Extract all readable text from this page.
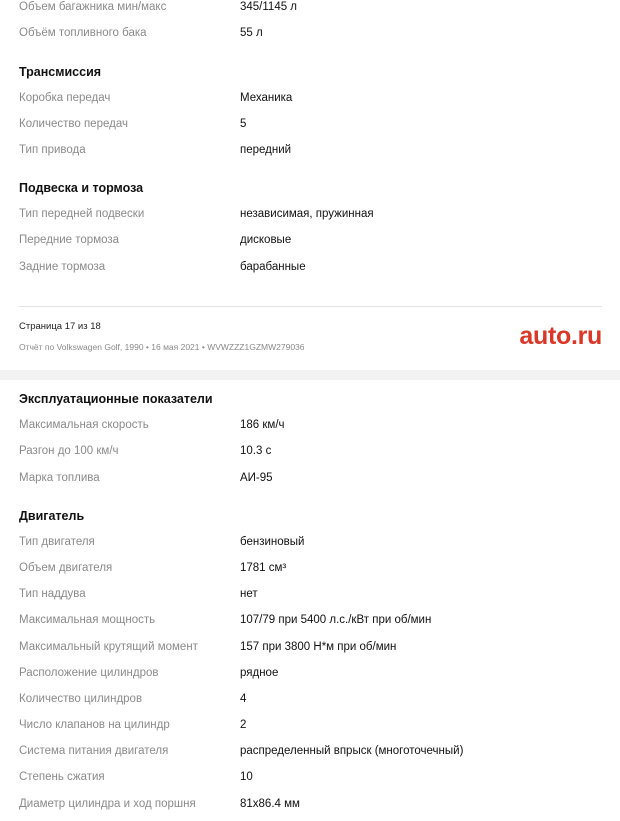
Объем багажника мин/макс	345/1145 л
Объём топливного бака	55 л
Трансмиссия
Коробка передач	Механика
Количество передач	5
Тип привода	передний
Подвеска и тормоза
Тип передней подвески	независимая, пружинная
Передние тормоза	дисковые
Задние тормоза	барабанные
Страница 17 из 18
Отчёт по Volkswagen Golf, 1990 • 16 мая 2021 • WVWZZZ1GZMW279036	auto.ru
Эксплуатационные показатели
Максимальная скорость	186 км/ч
Разгон до 100 км/ч	10.3 с
Марка топлива	АИ-95
Двигатель
Тип двигателя	бензиновый
Объем двигателя	1781 см³
Тип наддува	нет
Максимальная мощность	107/79 при 5400 л.с./кВт при об/мин
Максимальный крутящий момент	157 при 3800 Н*м при об/мин
Расположение цилиндров	рядное
Количество цилиндров	4
Число клапанов на цилиндр	2
Система питания двигателя	распределенный впрыск (многоточечный)
Степень сжатия	10
Диаметр цилиндра и ход поршня	81x86.4 мм
